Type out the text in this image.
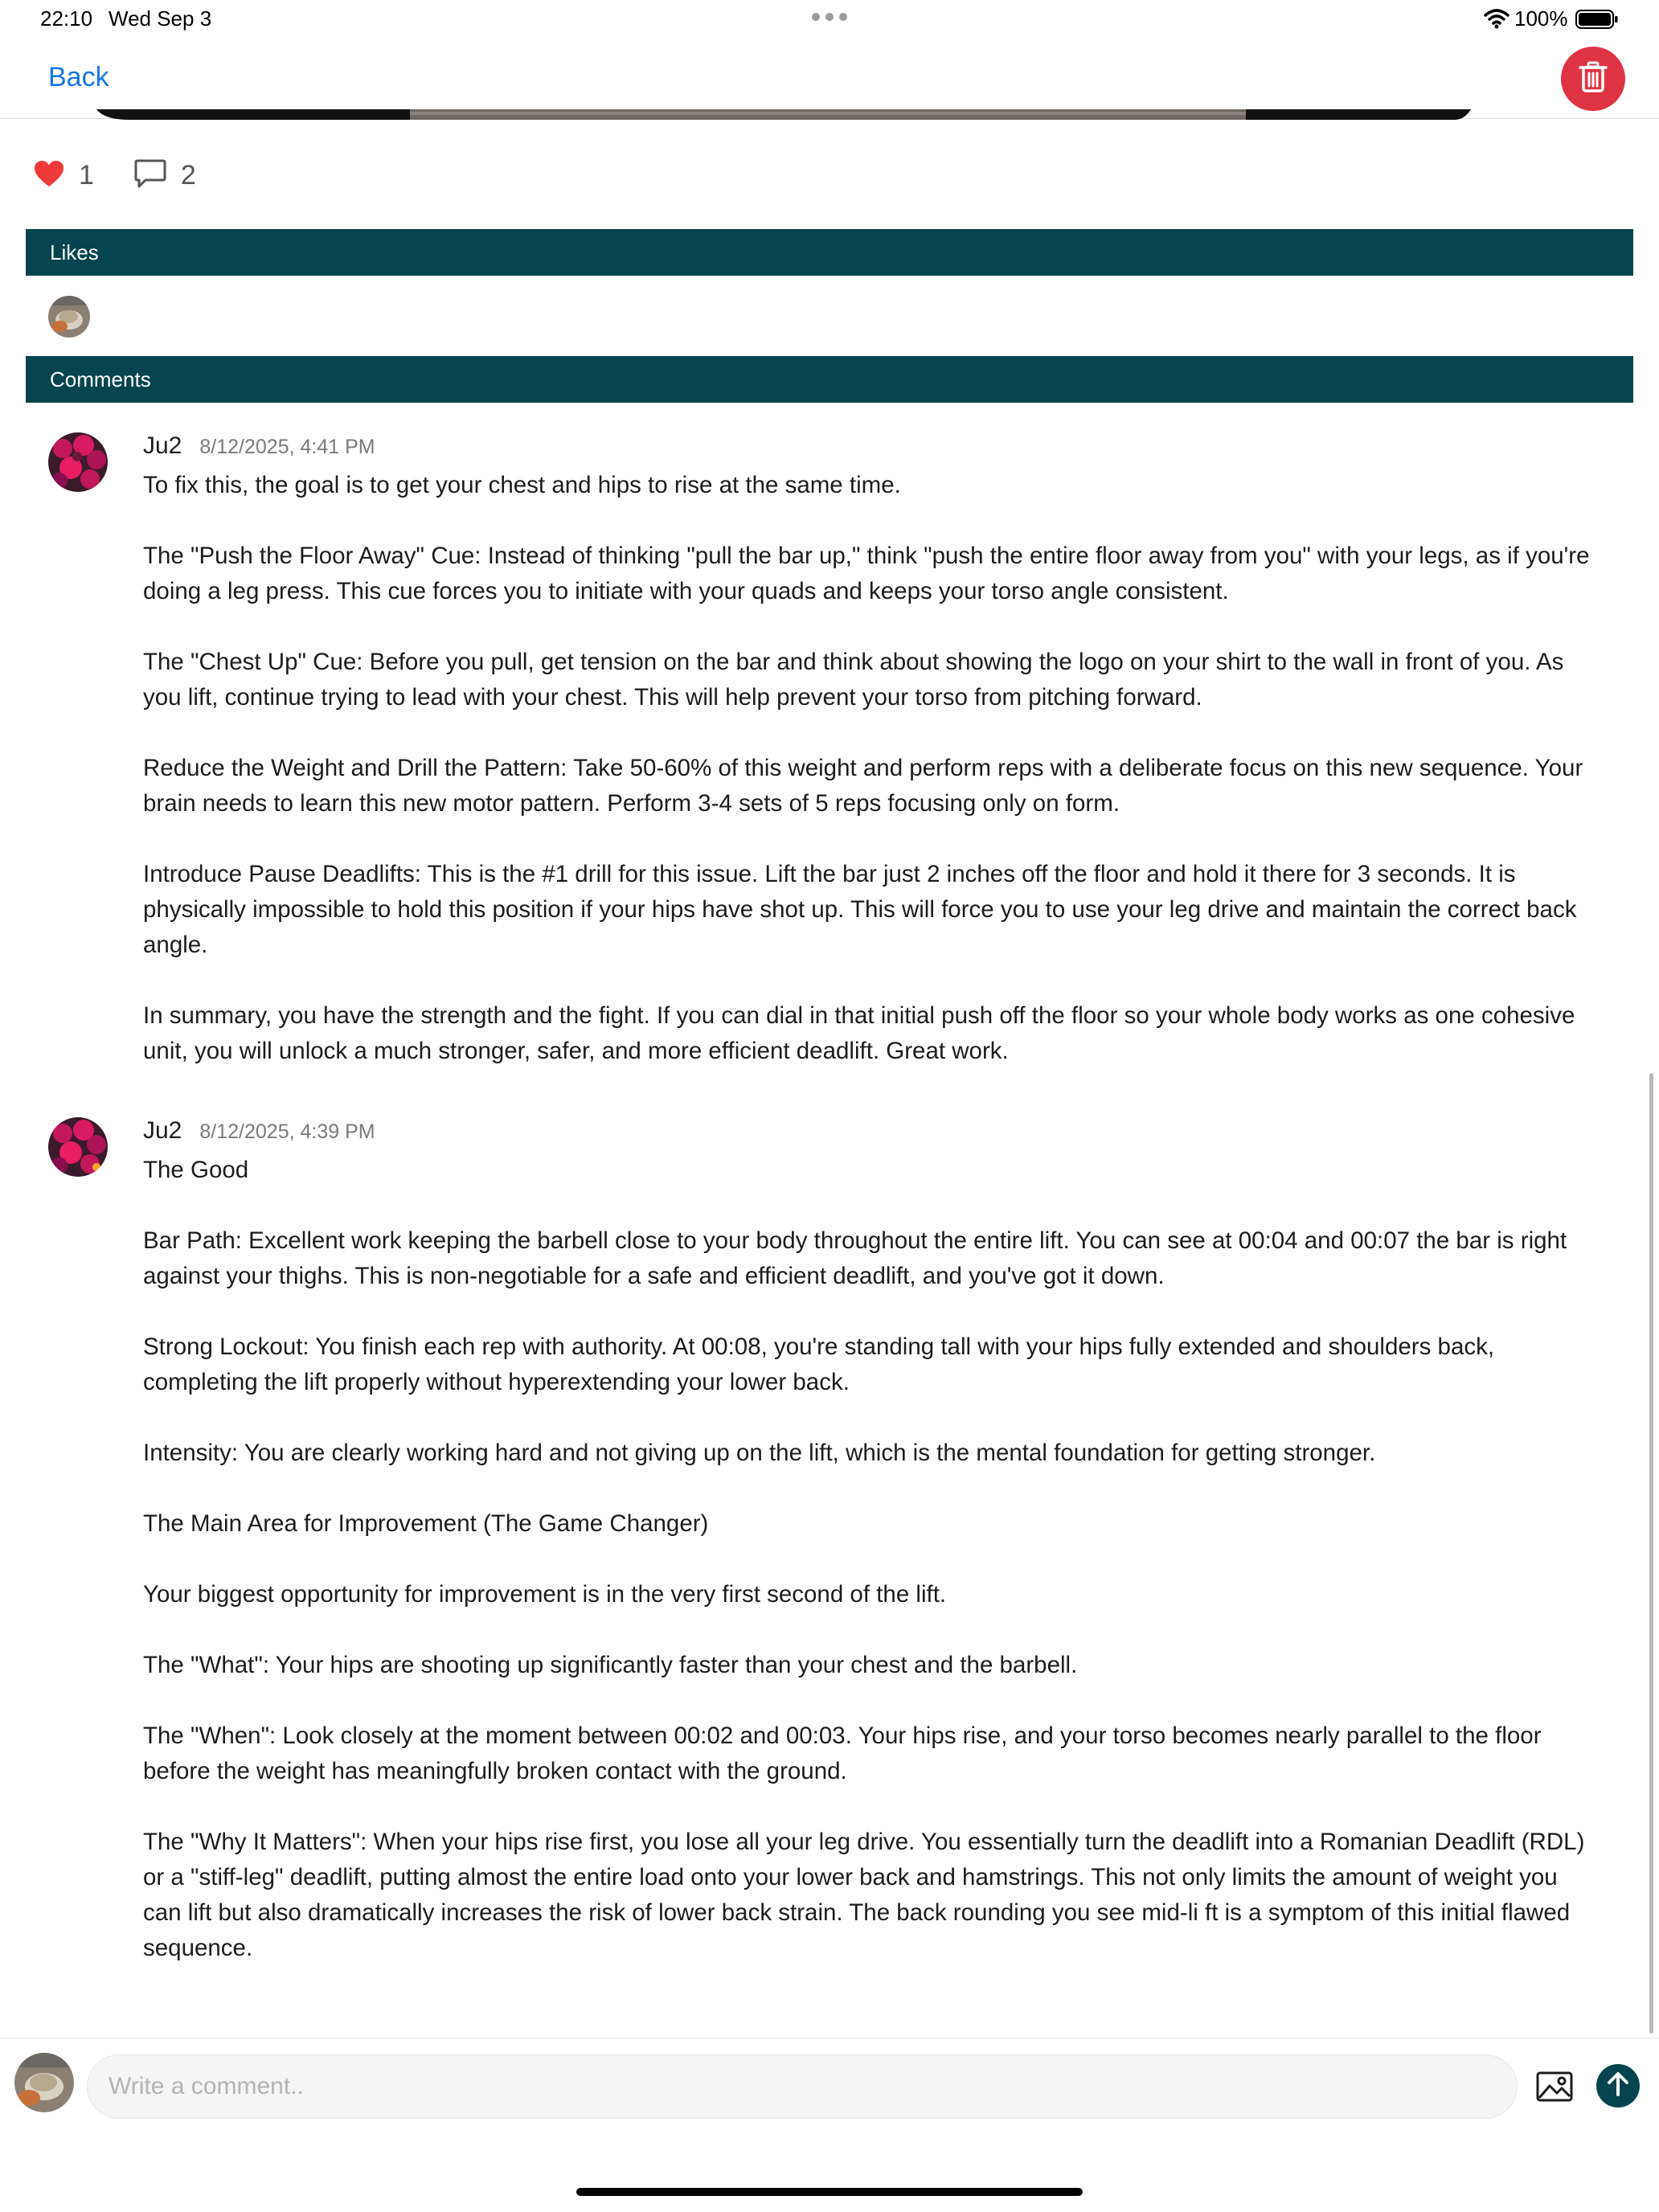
22:10 Wed Sep 3	100%
Back
1	2
Likes
Comments
Ju2 8/12/2025, 4:41 PM

To fix this, the goal is to get your chest and hips to rise at the same time.

The "Push the Floor Away" Cue: Instead of thinking "pull the bar up," think "push the entire floor away from you" with your legs, as if you're doing a leg press. This cue forces you to initiate with your quads and keeps your torso angle consistent.

The "Chest Up" Cue: Before you pull, get tension on the bar and think about showing the logo on your shirt to the wall in front of you. As you lift, continue trying to lead with your chest. This will help prevent your torso from pitching forward.

Reduce the Weight and Drill the Pattern: Take 50-60% of this weight and perform reps with a deliberate focus on this new sequence. Your brain needs to learn this new motor pattern. Perform 3-4 sets of 5 reps focusing only on form.

Introduce Pause Deadlifts: This is the #1 drill for this issue. Lift the bar just 2 inches off the floor and hold it there for 3 seconds. It is physically impossible to hold this position if your hips have shot up. This will force you to use your leg drive and maintain the correct back angle.

In summary, you have the strength and the fight. If you can dial in that initial push off the floor so your whole body works as one cohesive unit, you will unlock a much stronger, safer, and more efficient deadlift. Great work.

Ju2 8/12/2025, 4:39 PM

The Good

Bar Path: Excellent work keeping the barbell close to your body throughout the entire lift. You can see at 00:04 and 00:07 the bar is right against your thighs. This is non-negotiable for a safe and efficient deadlift, and you've got it down.

Strong Lockout: You finish each rep with authority. At 00:08, you're standing tall with your hips fully extended and shoulders back, completing the lift properly without hyperextending your lower back.

Intensity: You are clearly working hard and not giving up on the lift, which is the mental foundation for getting stronger.

The Main Area for Improvement (The Game Changer)

Your biggest opportunity for improvement is in the very first second of the lift.

The "What": Your hips are shooting up significantly faster than your chest and the barbell.

The "When": Look closely at the moment between 00:02 and 00:03. Your hips rise, and your torso becomes nearly parallel to the floor before the weight has meaningfully broken contact with the ground.

The "Why It Matters": When your hips rise first, you lose all your leg drive. You essentially turn the deadlift into a Romanian Deadlift (RDL) or a "stiff-leg" deadlift, putting almost the entire load onto your lower back and hamstrings. This not only limits the amount of weight you can lift but also dramatically increases the risk of lower back strain. The back rounding you see mid-li ft is a symptom of this initial flawed sequence.

Write a comment..
